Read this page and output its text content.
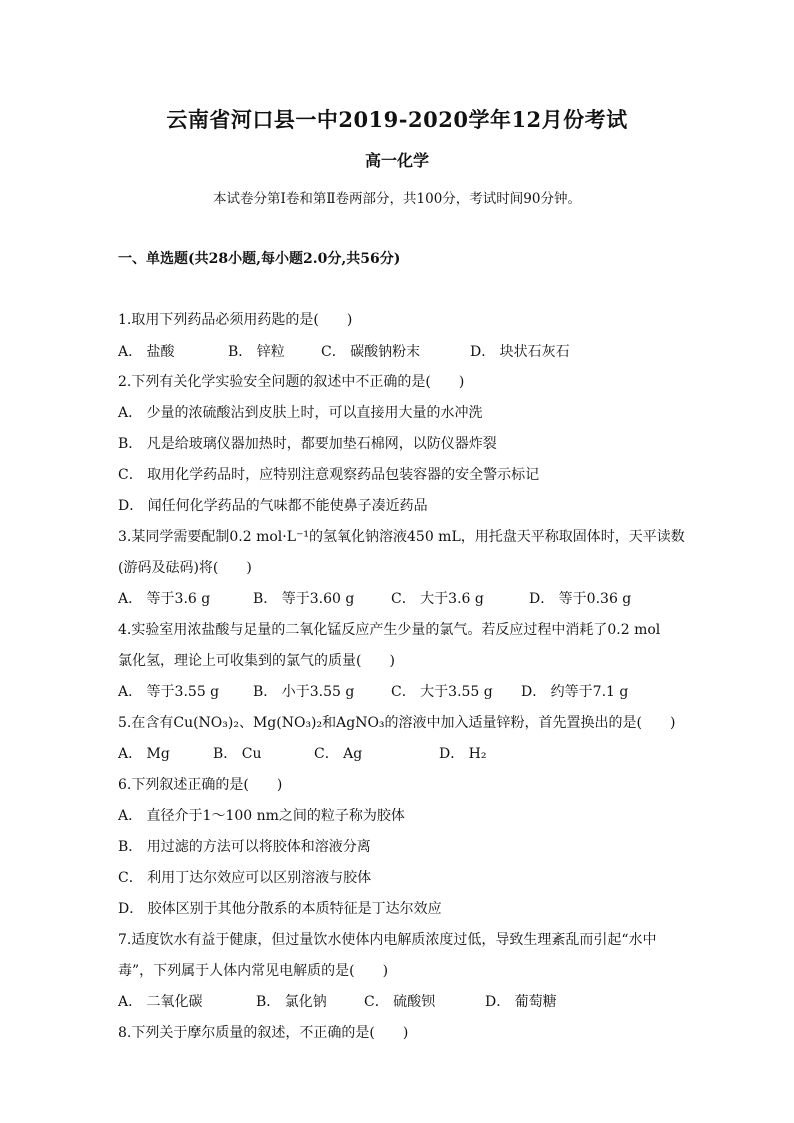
云南省河口县一中2019-2020学年12月份考试
高一化学
本试卷分第Ⅰ卷和第Ⅱ卷两部分，共100分，考试时间90分钟。
一、单选题(共28小题,每小题2.0分,共56分)
1.取用下列药品必须用药匙的是(　　)
A． 盐酸	B． 锌粒	C． 碳酸钠粉末	D． 块状石灰石
2.下列有关化学实验安全问题的叙述中不正确的是(　　)
A． 少量的浓硫酸沾到皮肤上时，可以直接用大量的水冲洗
B． 凡是给玻璃仪器加热时，都要加垫石棉网，以防仪器炸裂
C． 取用化学药品时，应特别注意观察药品包装容器的安全警示标记
D． 闻任何化学药品的气味都不能使鼻子凑近药品
3.某同学需要配制0.2 mol·L⁻¹的氢氧化钠溶液450 mL，用托盘天平称取固体时，天平读数
(游码及砝码)将(　　)
A． 等于3.6 g	B． 等于3.60 g	C． 大于3.6 g	D． 等于0.36 g
4.实验室用浓盐酸与足量的二氧化锰反应产生少量的氯气。若反应过程中消耗了0.2 mol
氯化氢，理论上可收集到的氯气的质量(　　)
A． 等于3.55 g B． 小于3.55 g	C． 大于3.55 g D． 约等于7.1 g
5.在含有Cu(NO₃)₂、Mg(NO₃)₂和AgNO₃的溶液中加入适量锌粉，首先置换出的是(　　)
A． Mg	B． Cu	C． Ag	D． H₂
6.下列叙述正确的是(　　)
A． 直径介于1～100 nm之间的粒子称为胶体
B． 用过滤的方法可以将胶体和溶液分离
C． 利用丁达尔效应可以区别溶液与胶体
D． 胶体区别于其他分散系的本质特征是丁达尔效应
7.适度饮水有益于健康，但过量饮水使体内电解质浓度过低，导致生理紊乱而引起“水中
毒”，下列属于人体内常见电解质的是(　　)
A． 二氧化碳	B． 氯化钠	C． 硫酸钡	D． 葡萄糖
8.下列关于摩尔质量的叙述，不正确的是(　　)
